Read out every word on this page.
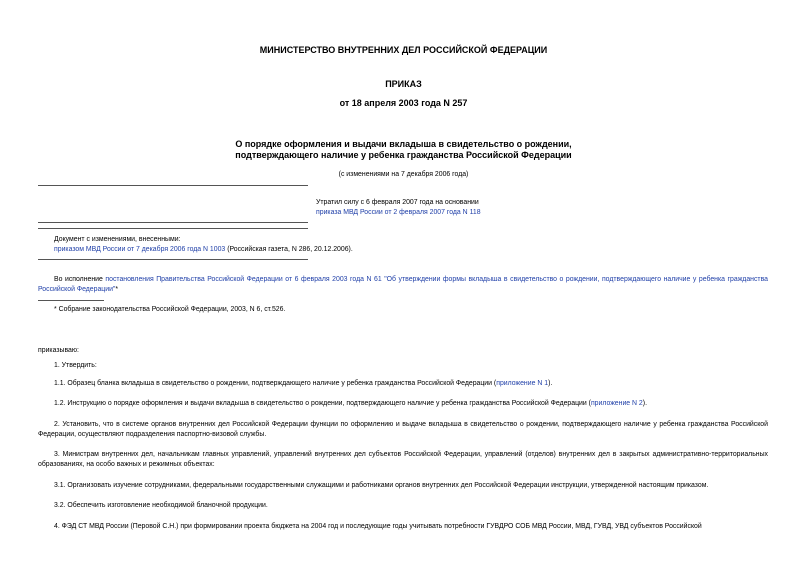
МИНИСТЕРСТВО ВНУТРЕННИХ ДЕЛ РОССИЙСКОЙ ФЕДЕРАЦИИ
ПРИКАЗ
от 18 апреля 2003 года N 257
О порядке оформления и выдачи вкладыша в свидетельство о рождении,
подтверждающего наличие у ребенка гражданства Российской Федерации
(с изменениями на 7 декабря 2006 года)
Утратил силу с 6 февраля 2007 года на основании
приказа МВД России от 2 февраля 2007 года N 118
Документ с изменениями, внесенными:
приказом МВД России от 7 декабря 2006 года N 1003 (Российская газета, N 286, 20.12.2006).
Во исполнение постановления Правительства Российской Федерации от 6 февраля 2003 года N 61 "Об утверждении формы вкладыша в свидетельство о рождении, подтверждающего наличие у ребенка гражданства Российской Федерации"*
* Собрание законодательства Российской Федерации, 2003, N 6, ст.526.
приказываю:
1. Утвердить:
1.1. Образец бланка вкладыша в свидетельство о рождении, подтверждающего наличие у ребенка гражданства Российской Федерации (приложение N 1).
1.2. Инструкцию о порядке оформления и выдачи вкладыша в свидетельство о рождении, подтверждающего наличие у ребенка гражданства Российской Федерации (приложение N 2).
2. Установить, что в системе органов внутренних дел Российской Федерации функции по оформлению и выдаче вкладыша в свидетельство о рождении, подтверждающего наличие у ребенка гражданства Российской Федерации, осуществляют подразделения паспортно-визовой службы.
3. Министрам внутренних дел, начальникам главных управлений, управлений внутренних дел субъектов Российской Федерации, управлений (отделов) внутренних дел в закрытых административно-территориальных образованиях, на особо важных и режимных объектах:
3.1. Организовать изучение сотрудниками, федеральными государственными служащими и работниками органов внутренних дел Российской Федерации инструкции, утвержденной настоящим приказом.
3.2. Обеспечить изготовление необходимой бланочной продукции.
4. ФЭД СТ МВД России (Перовой С.Н.) при формировании проекта бюджета на 2004 год и последующие годы учитывать потребности ГУВДРО СОБ МВД России, МВД, ГУВД, УВД субъектов Российской
